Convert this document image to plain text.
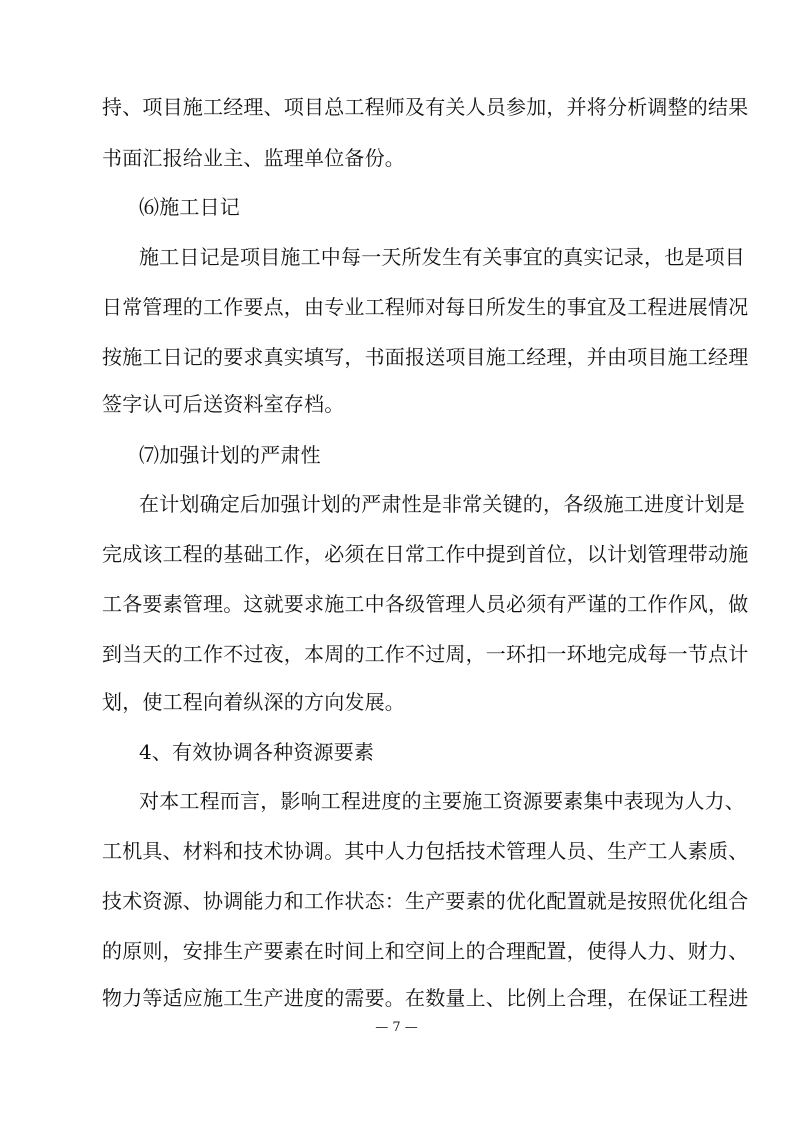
持、项目施工经理、项目总工程师及有关人员参加，并将分析调整的结果
书面汇报给业主、监理单位备份。
⑹施工日记
施工日记是项目施工中每一天所发生有关事宜的真实记录，也是项目
日常管理的工作要点，由专业工程师对每日所发生的事宜及工程进展情况
按施工日记的要求真实填写，书面报送项目施工经理，并由项目施工经理
签字认可后送资料室存档。
⑺加强计划的严肃性
在计划确定后加强计划的严肃性是非常关键的，各级施工进度计划是
完成该工程的基础工作，必须在日常工作中提到首位，以计划管理带动施
工各要素管理。这就要求施工中各级管理人员必须有严谨的工作作风，做
到当天的工作不过夜，本周的工作不过周，一环扣一环地完成每一节点计
划，使工程向着纵深的方向发展。
4、有效协调各种资源要素
对本工程而言，影响工程进度的主要施工资源要素集中表现为人力、
工机具、材料和技术协调。其中人力包括技术管理人员、生产工人素质、
技术资源、协调能力和工作状态：生产要素的优化配置就是按照优化组合
的原则，安排生产要素在时间上和空间上的合理配置，使得人力、财力、
物力等适应施工生产进度的需要。在数量上、比例上合理，在保证工程进
— 7 —
